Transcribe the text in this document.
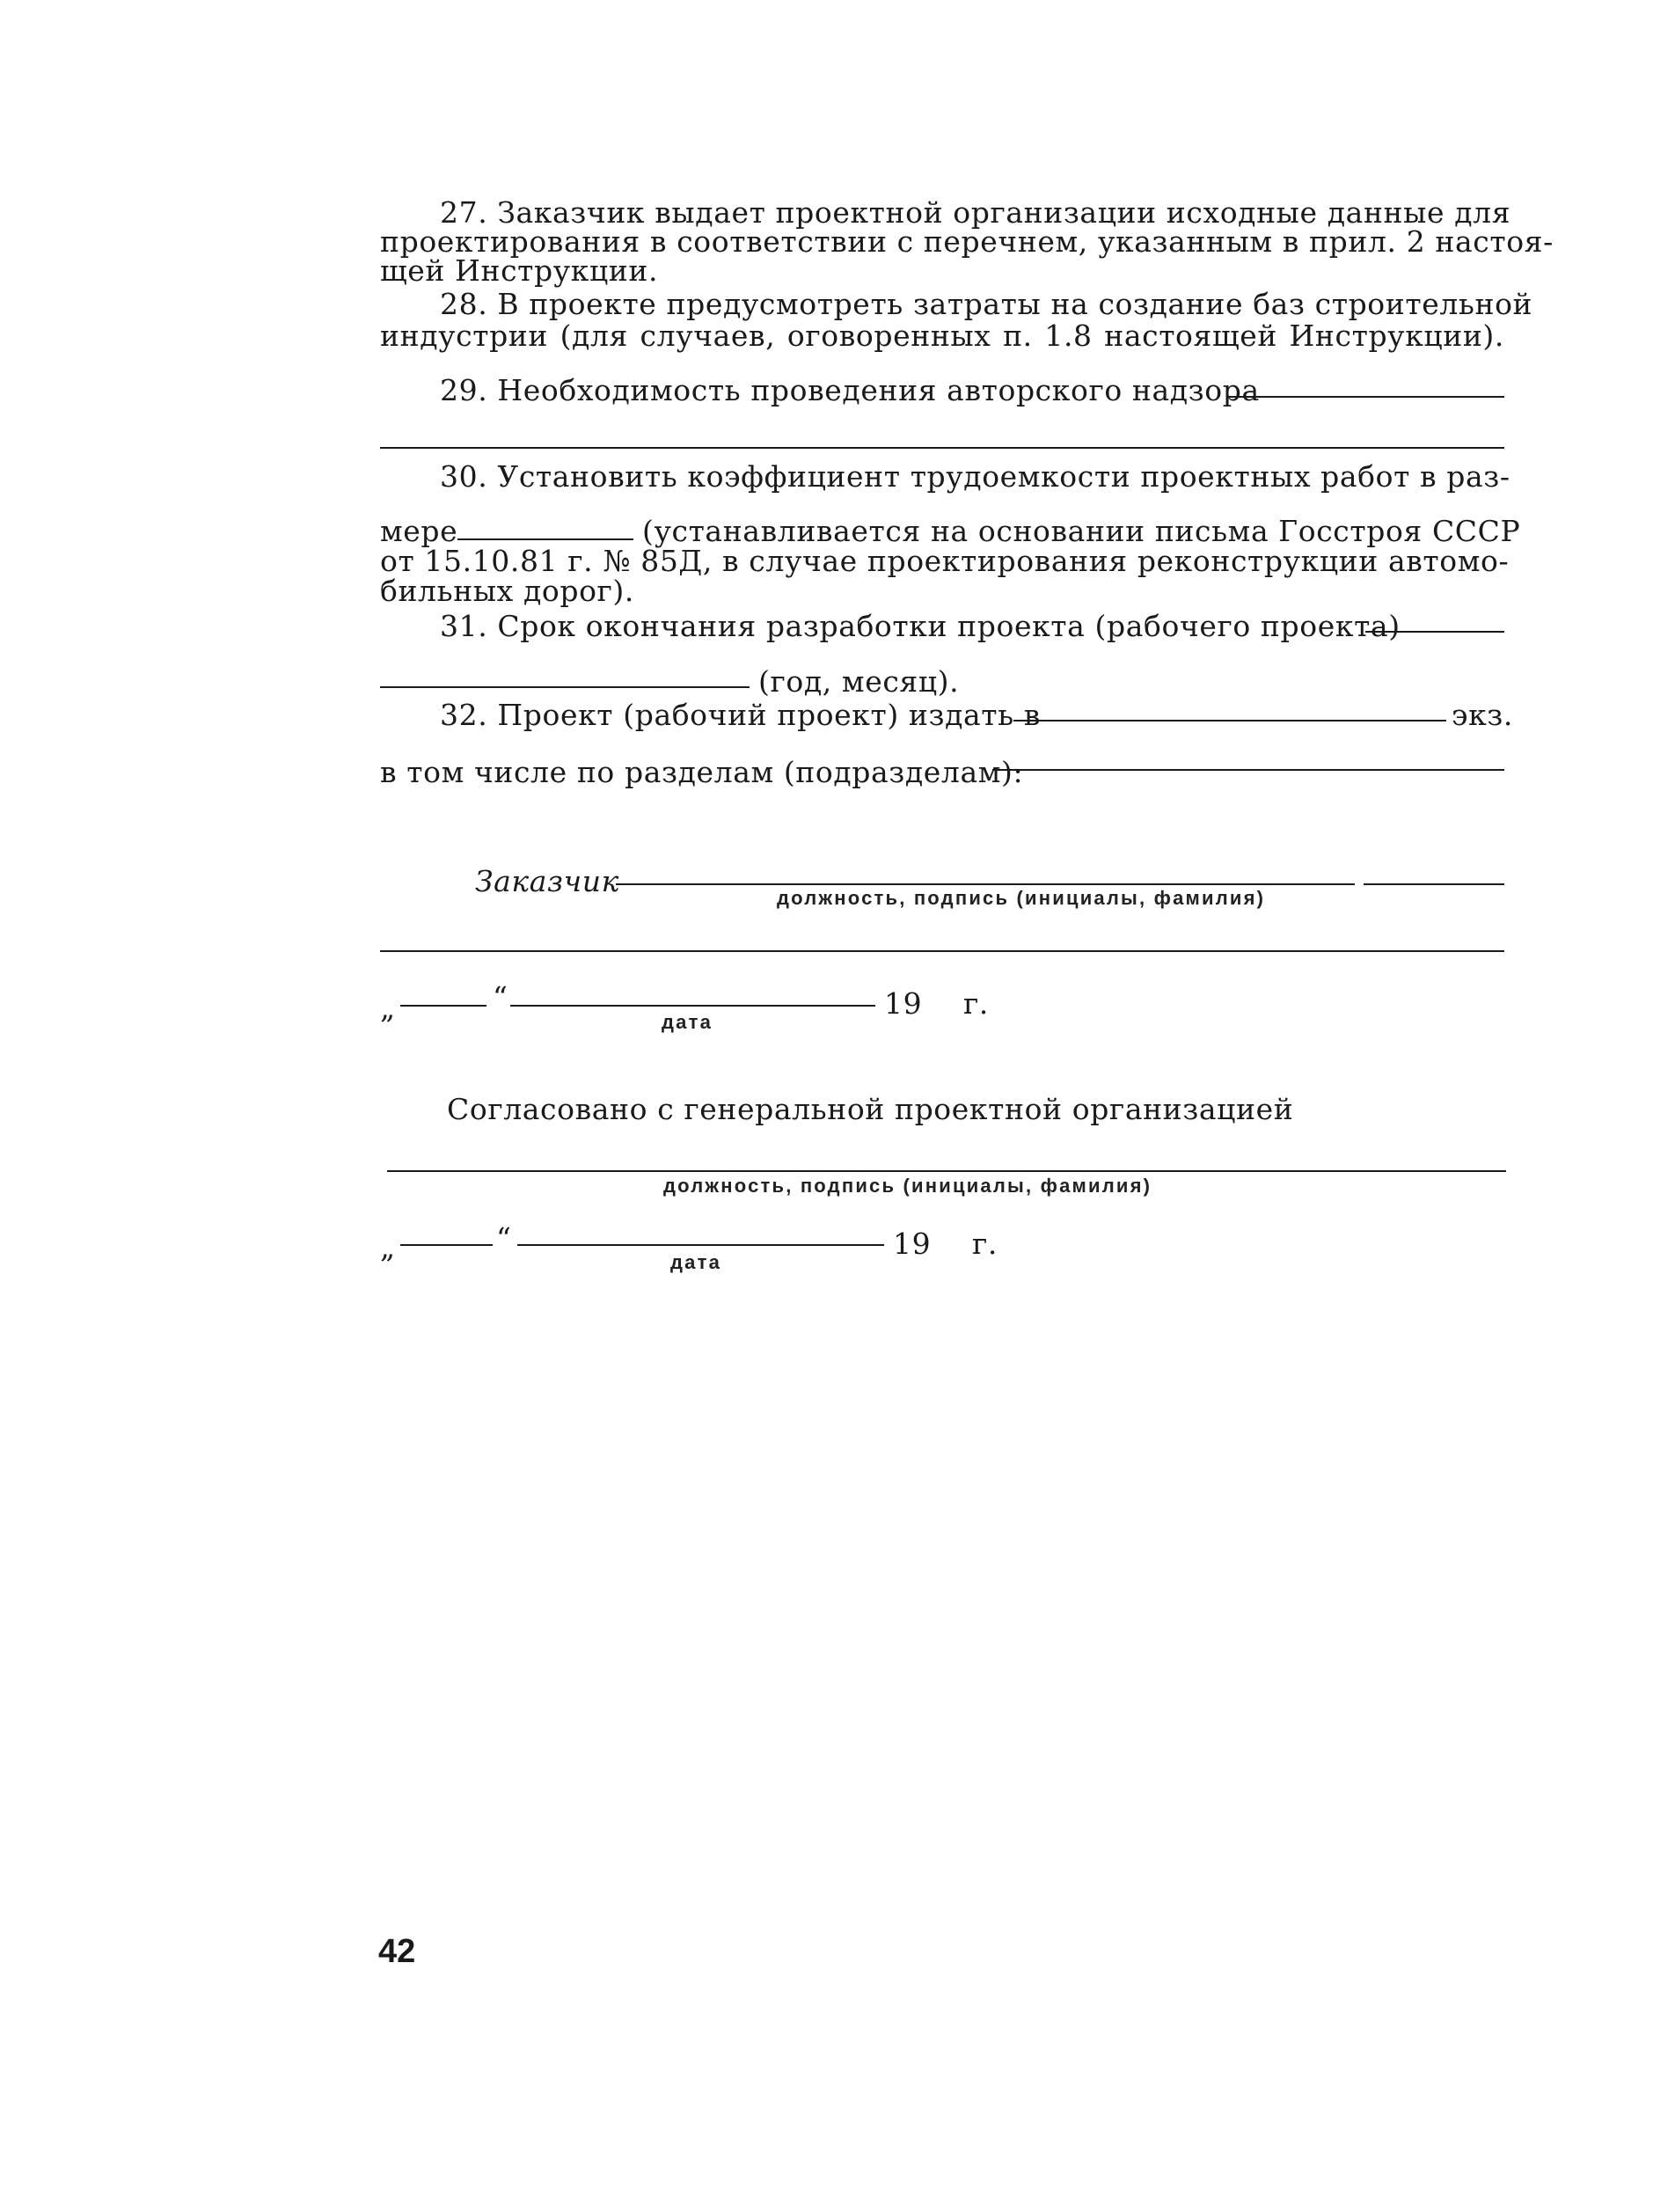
27. Заказчик выдает проектной организации исходные данные для
проектирования в соответствии с перечнем, указанным в прил. 2 настоя-
щей Инструкции.
28. В проекте предусмотреть затраты на создание баз строительной
индустрии (для случаев, оговоренных п. 1.8 настоящей Инструкции).
29. Необходимость проведения авторского надзора
30. Установить коэффициент трудоемкости проектных работ в раз-
мере	(устанавливается на основании письма Госстроя СССР
от 15.10.81 г. № 85Д, в случае проектирования реконструкции автомо-
бильных дорог).
31. Срок окончания разработки проекта (рабочего проекта)
(год, месяц).
32. Проект (рабочий проект) издать в	экз.
в том числе по разделам (подразделам):
Заказчик	должность, подпись (инициалы, фамилия)
„	“	19 г.
дата
Согласовано с генеральной проектной организацией
должность, подпись (инициалы, фамилия)
„	“	19 г.
дата
42
